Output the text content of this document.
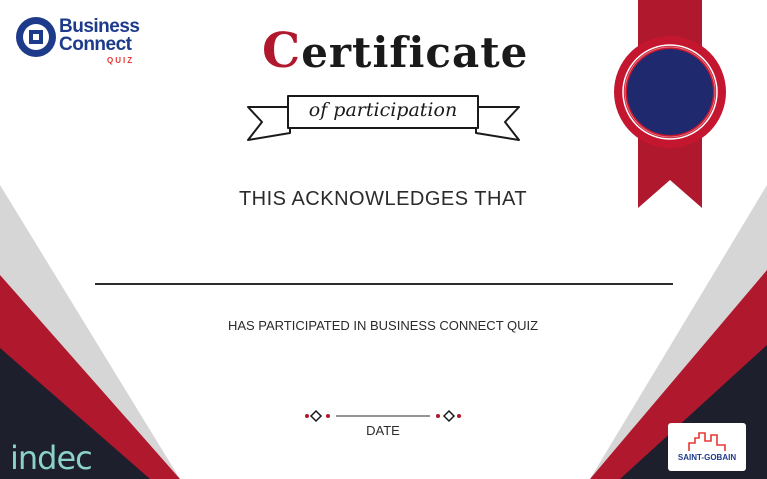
Business
Connect
QUIZ	Certificate
of participation
THIS ACKNOWLEDGES THAT
HAS PARTICIPATED IN BUSINESS CONNECT QUIZ
DATE
indec	SAINT-GOBAIN
